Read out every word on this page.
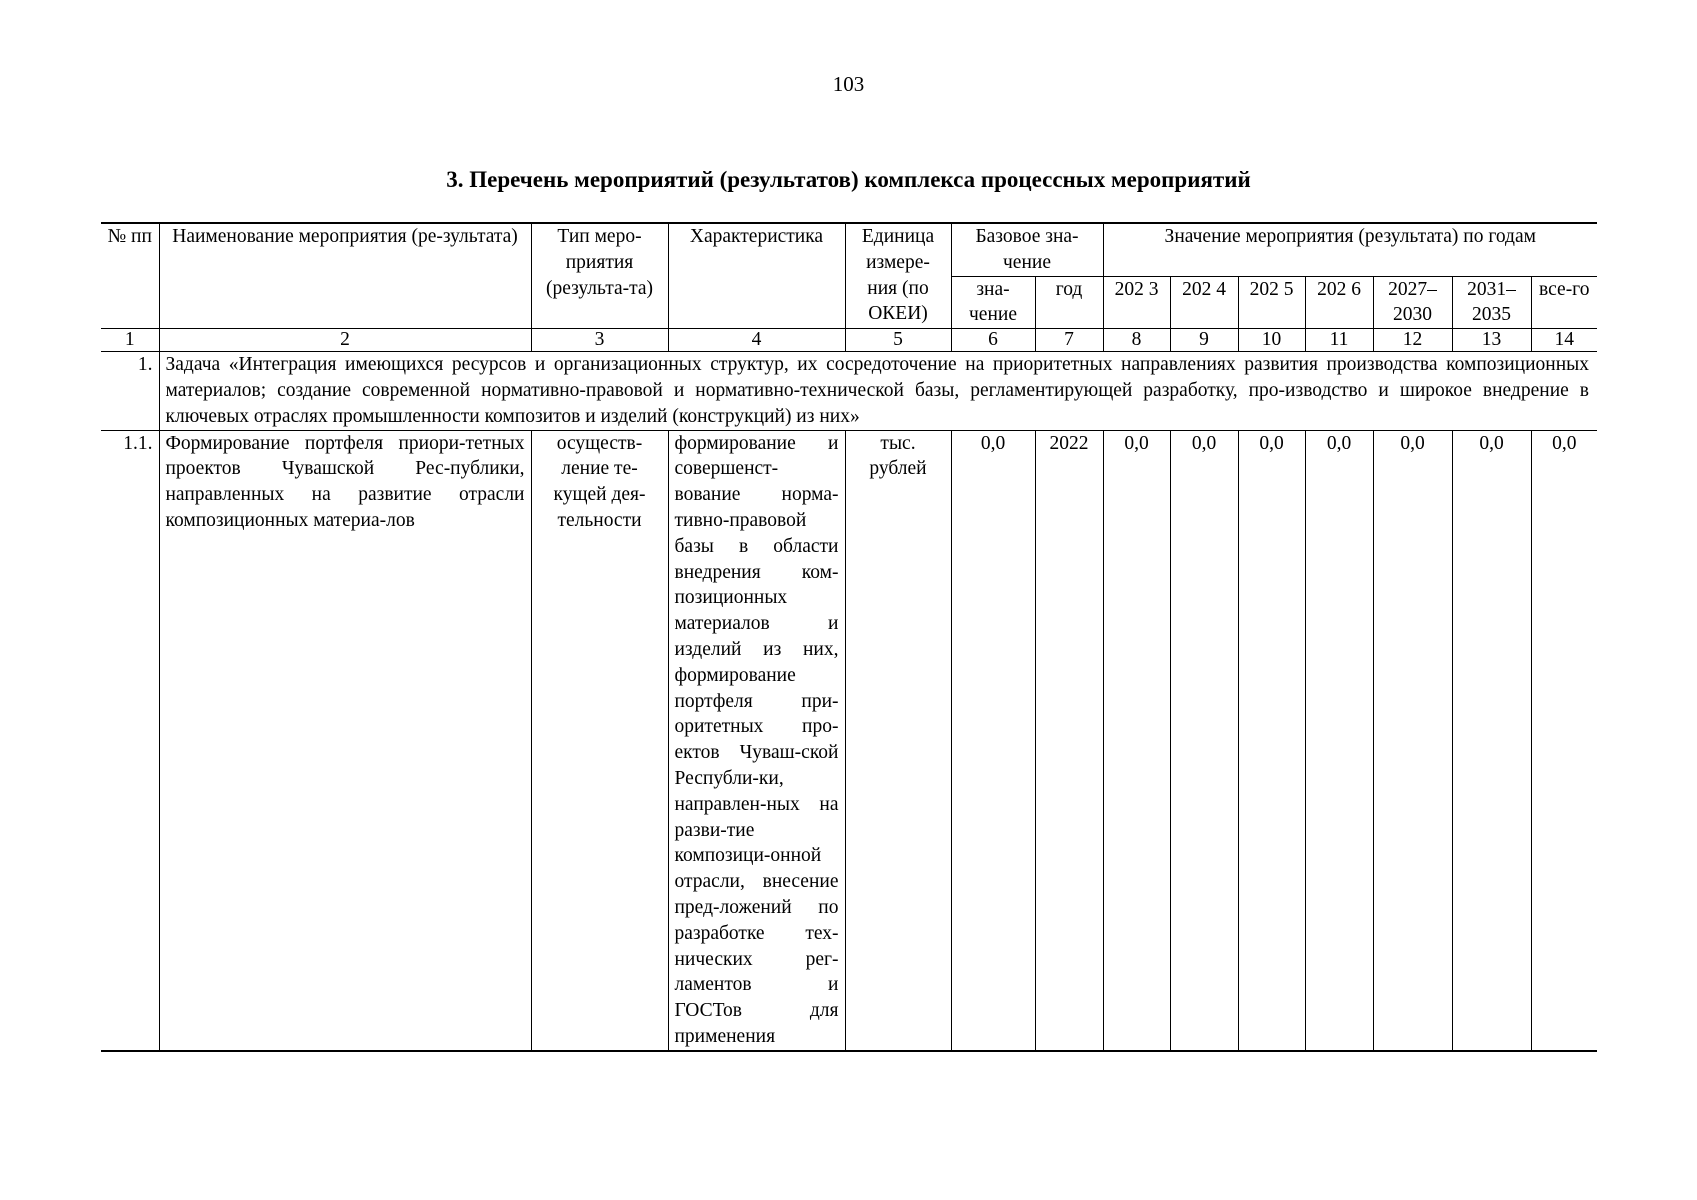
103
3. Перечень мероприятий (результатов) комплекса процессных мероприятий
№ пп	Наименование мероприятия (ре-зультата)	Тип меро-приятия (результа-та)	Характеристика	Единица измере-ния (по ОКЕИ)	Базовое зна-чение		Значение мероприятия (результата) по годам						
					зна-чение	год	202 3	202 4	202 5	202 6	2027– 2030	2031– 2035	все-го
1	2	3	4	5	6	7	8	9	10	11	12	13	14
1.	Задача «Интеграция имеющихся ресурсов и организационных структур, их сосредоточение на приоритетных направлениях развития производства композиционных материалов; создание современной нормативно-правовой и нормативно-технической базы, регламентирующей разработку, про-изводство и широкое внедрение в ключевых отраслях промышленности композитов и изделий (конструкций) из них»												
1.1.	Формирование портфеля приори-тетных проектов Чувашской Рес-публики, направленных на развитие отрасли композиционных материа-лов	осуществ-ление те-кущей дея-тельности	формирование и совершенст-вование норма-тивно-правовой базы в области внедрения ком-позиционных материалов и изделий из них, формирование портфеля при-оритетных про-ектов Чуваш-ской Республи-ки, направлен-ных на разви-тие композици-онной отрасли, внесение пред-ложений по разработке тех-нических рег-ламентов и ГОСТов для применения	тыс. рублей	0,0	2022	0,0	0,0	0,0	0,0	0,0	0,0	0,0
